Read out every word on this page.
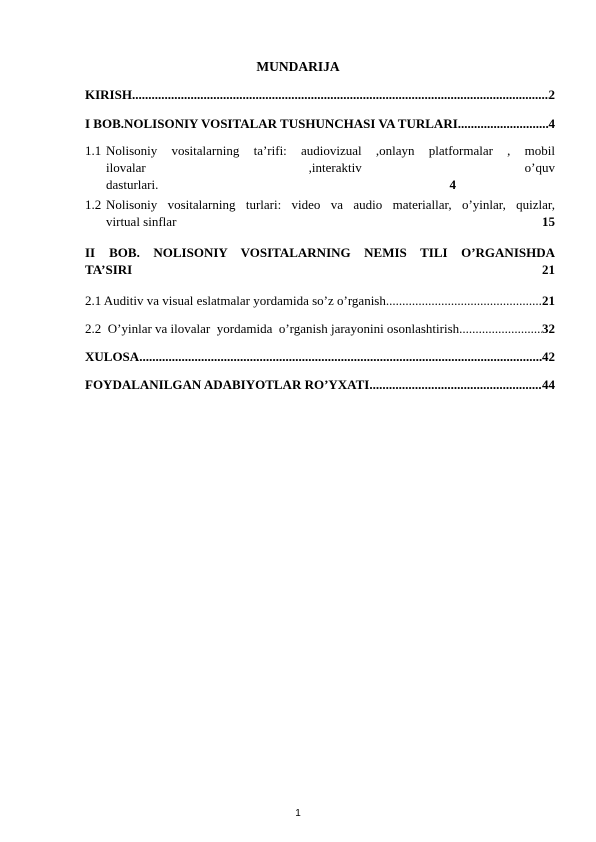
MUNDARIJA
KIRISH .....	2
I BOB.NOLISONIY VOSITALAR TUSHUNCHASI VA TURLARI .....	4
1.1 Nolisoniy vositalarning ta’rifi: audiovizual ,onlayn platformalar , mobil
ilovalar	,interaktiv	o’quv
dasturlari.	4
1.2 Nolisoniy vositalarning turlari: video va audio materiallar, o’yinlar, quizlar,
virtual sinflar	15
II BOB. NOLISONIY VOSITALARNING NEMIS TILI O’RGANISHDA
TA’SIRI	21
2.1 Auditiv va visual eslatmalar yordamida so’z o’rganish .....	21
2.2  O’yinlar va ilovalar  yordamida  o’rganish jarayonini osonlashtirish .....	32
XULOSA .....	42
FOYDALANILGAN ADABIYOTLAR RO’YXATI .....	44
1
